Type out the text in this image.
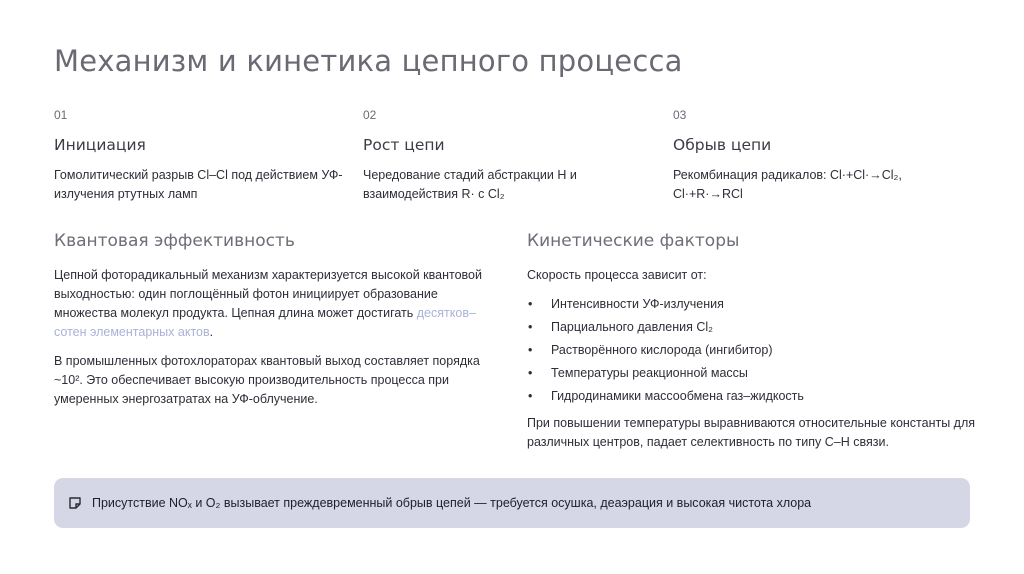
Механизм и кинетика цепного процесса
01
Инициация
Гомолитический разрыв Cl–Cl под действием УФ-излучения ртутных ламп
02
Рост цепи
Чередование стадий абстракции H и взаимодействия R· с Cl₂
03
Обрыв цепи
Рекомбинация радикалов: Cl·+Cl·→Cl₂, Cl·+R·→RCl
Квантовая эффективность
Цепной фоторадикальный механизм характеризуется высокой квантовой выходностью: один поглощённый фотон инициирует образование множества молекул продукта. Цепная длина может достигать десятков–сотен элементарных актов.
В промышленных фотохлораторах квантовый выход составляет порядка ~10². Это обеспечивает высокую производительность процесса при умеренных энергозатратах на УФ-облучение.
Кинетические факторы
Скорость процесса зависит от:
• Интенсивности УФ-излучения
• Парциального давления Cl₂
• Растворённого кислорода (ингибитор)
• Температуры реакционной массы
• Гидродинамики массообмена газ–жидкость
При повышении температуры выравниваются относительные константы для различных центров, падает селективность по типу C–H связи.
Присутствие NOₓ и O₂ вызывает преждевременный обрыв цепей — требуется осушка, деаэрация и высокая чистота хлора
